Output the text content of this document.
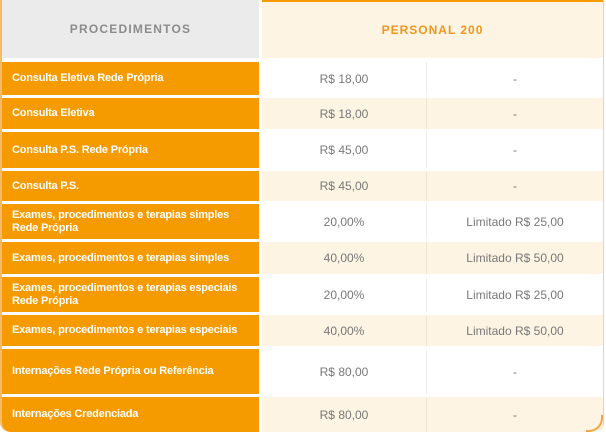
PROCEDIMENTOS	PERSONAL 200
Consulta Eletiva Rede Própria	R$ 18,00	-
Consulta Eletiva	R$ 18,00	-
Consulta P.S. Rede Própria	R$ 45,00	-
Consulta P.S.	R$ 45,00	-
Exames, procedimentos e terapias simples Rede Própria	20,00%	Limitado R$ 25,00
Exames, procedimentos e terapias simples	40,00%	Limitado R$ 50,00
Exames, procedimentos e terapias especiais Rede Própria	20,00%	Limitado R$ 25,00
Exames, procedimentos e terapias especiais	40,00%	Limitado R$ 50,00
Internações Rede Própria ou Referência	R$ 80,00	-
Internações Credenciada	R$ 80,00	-
